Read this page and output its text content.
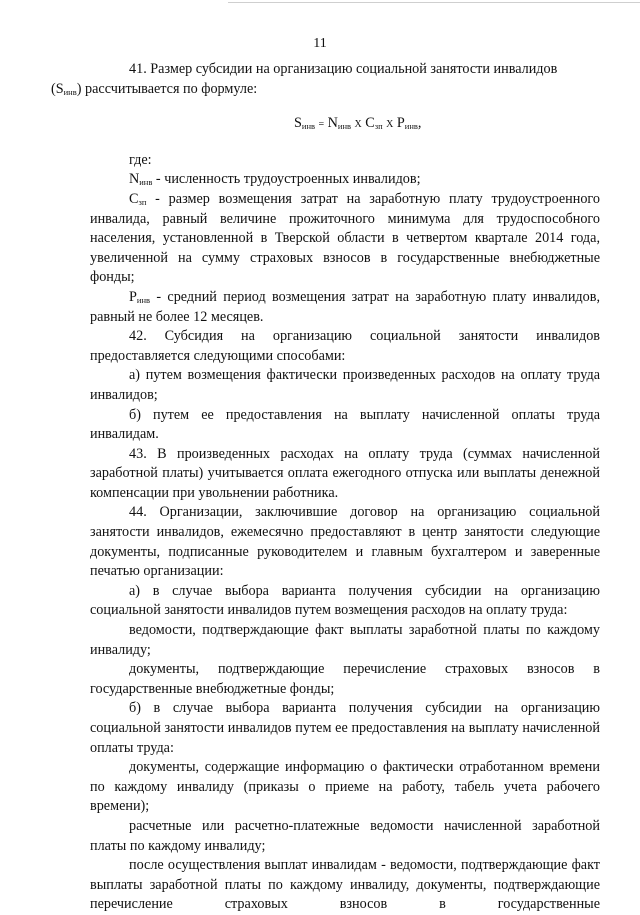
11

41. Размер субсидии на организацию социальной занятости инвалидов
$(S_{инв})$ рассчитывается по формуле:

$S_{инв} = N_{инв}$ X $C_{зп}$ X $P_{инв}$,

где:

$N_{инв}$ - численность трудоустроенных инвалидов;

$C_{зп}$ - размер возмещения затрат на заработную плату трудоустроенного инвалида, равный величине прожиточного минимума для трудоспособного населения, установленной в Тверской области в четвертом квартале 2014 года, увеличенной на сумму страховых взносов в государственные внебюджетные фонды;

$P_{инв}$ - средний период возмещения затрат на заработную плату инвалидов, равный не более 12 месяцев.

42. Субсидия на организацию социальной занятости инвалидов предоставляется следующими способами:

а) путем возмещения фактически произведенных расходов на оплату труда инвалидов;

б) путем ее предоставления на выплату начисленной оплаты труда инвалидам.

43. В произведенных расходах на оплату труда (суммах начисленной заработной платы) учитывается оплата ежегодного отпуска или выплаты денежной компенсации при увольнении работника.

44. Организации, заключившие договор на организацию социальной занятости инвалидов, ежемесячно предоставляют в центр занятости следующие документы, подписанные руководителем и главным бухгалтером и заверенные печатью организации:

а) в случае выбора варианта получения субсидии на организацию социальной занятости инвалидов путем возмещения расходов на оплату труда:

ведомости, подтверждающие факт выплаты заработной платы по каждому инвалиду;

документы, подтверждающие перечисление страховых взносов в государственные внебюджетные фонды;

б) в случае выбора варианта получения субсидии на организацию социальной занятости инвалидов путем ее предоставления на выплату начисленной оплаты труда:

документы, содержащие информацию о фактически отработанном времени по каждому инвалиду (приказы о приеме на работу, табель учета рабочего времени);

расчетные или расчетно-платежные ведомости начисленной заработной платы по каждому инвалиду;

после осуществления выплат инвалидам - ведомости, подтверждающие факт выплаты заработной платы по каждому инвалиду, документы, подтверждающие перечисление страховых взносов в государственные
